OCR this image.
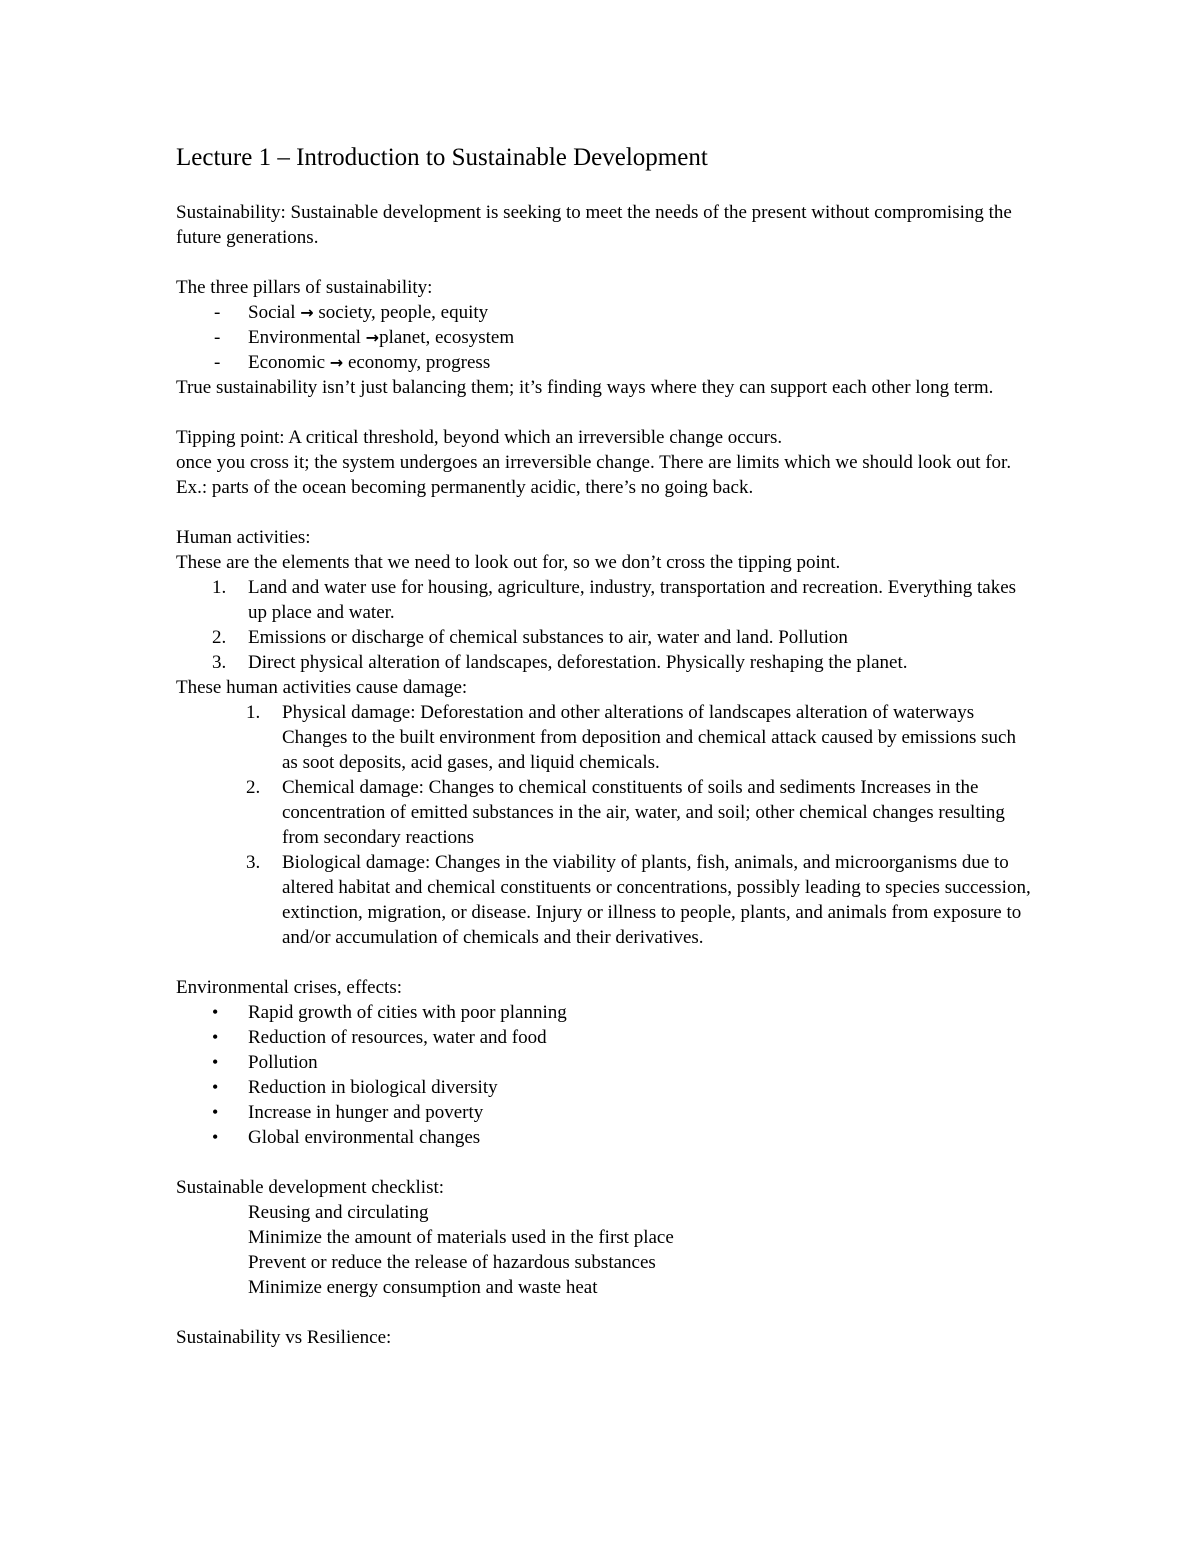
Lecture 1 – Introduction to Sustainable Development

Sustainability: Sustainable development is seeking to meet the needs of the present without compromising the future generations.

The three pillars of sustainability:

- Social → society, people, equity
- Environmental →planet, ecosystem
- Economic → economy, progress

True sustainability isn’t just balancing them; it’s finding ways where they can support each other long term.

Tipping point: A critical threshold, beyond which an irreversible change occurs.

once you cross it; the system undergoes an irreversible change. There are limits which we should look out for. Ex.: parts of the ocean becoming permanently acidic, there’s no going back.

Human activities:

These are the elements that we need to look out for, so we don’t cross the tipping point.

1. Land and water use for housing, agriculture, industry, transportation and recreation. Everything takes up place and water.
2. Emissions or discharge of chemical substances to air, water and land. Pollution
3. Direct physical alteration of landscapes, deforestation. Physically reshaping the planet.

These human activities cause damage:

1. Physical damage: Deforestation and other alterations of landscapes alteration of waterways Changes to the built environment from deposition and chemical attack caused by emissions such as soot deposits, acid gases, and liquid chemicals.
2. Chemical damage: Changes to chemical constituents of soils and sediments Increases in the concentration of emitted substances in the air, water, and soil; other chemical changes resulting from secondary reactions
3. Biological damage: Changes in the viability of plants, fish, animals, and microorganisms due to altered habitat and chemical constituents or concentrations, possibly leading to species succession, extinction, migration, or disease. Injury or illness to people, plants, and animals from exposure to and/or accumulation of chemicals and their derivatives.

Environmental crises, effects:

• Rapid growth of cities with poor planning
• Reduction of resources, water and food
• Pollution
• Reduction in biological diversity
• Increase in hunger and poverty
• Global environmental changes

Sustainable development checklist:

Reusing and circulating
Minimize the amount of materials used in the first place
Prevent or reduce the release of hazardous substances
Minimize energy consumption and waste heat

Sustainability vs Resilience:
